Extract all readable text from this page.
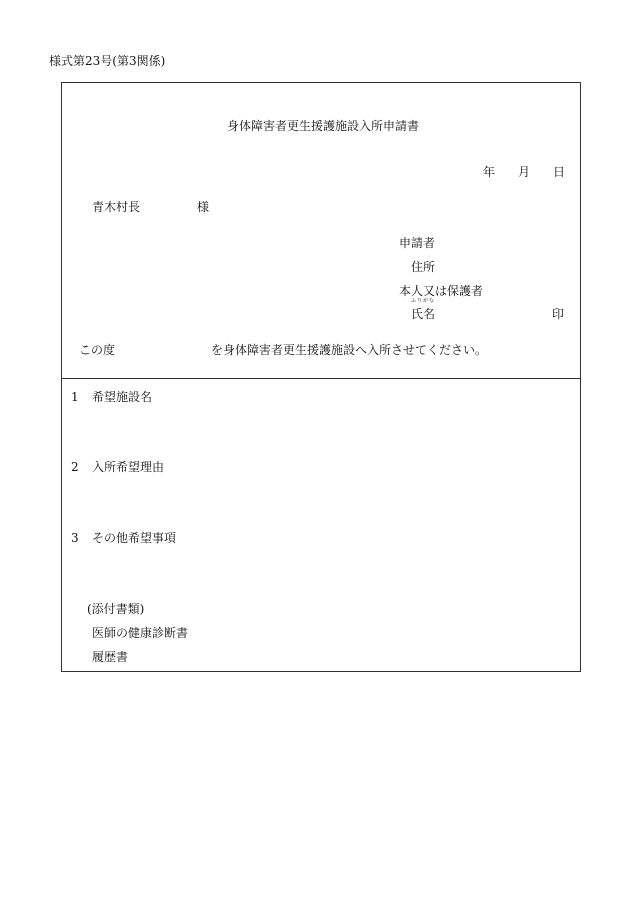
様式第23号(第3関係)
身体障害者更生援護施設入所申請書
年 月 日
青木村長	様
申請者
住所
本人又は保護者
ふりがな
氏名	印
この度	を身体障害者更生援護施設へ入所させてください。
1 希望施設名
2 入所希望理由
3 その他希望事項
(添付書類)
医師の健康診断書
履歴書
